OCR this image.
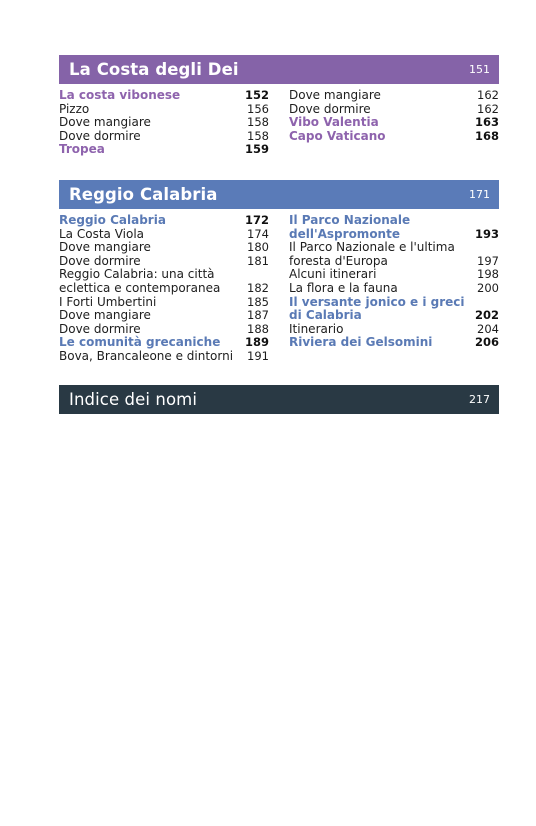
La Costa degli Dei	151
La costa vibonese	152
Pizzo	156
Dove mangiare	158
Dove dormire	158
Tropea	159
Dove mangiare	162
Dove dormire	162
Vibo Valentia	163
Capo Vaticano	168
Reggio Calabria	171
Reggio Calabria	172
La Costa Viola	174
Dove mangiare	180
Dove dormire	181
Reggio Calabria: una città eclettica e contemporanea	182
I Forti Umbertini	185
Dove mangiare	187
Dove dormire	188
Le comunità grecaniche	189
Bova, Brancaleone e dintorni	191
Il Parco Nazionale dell'Aspromonte	193
Il Parco Nazionale e l'ultima foresta d'Europa	197
Alcuni itinerari	198
La flora e la fauna	200
Il versante jonico e i greci di Calabria	202
Itinerario	204
Riviera dei Gelsomini	206
Indice dei nomi	217
